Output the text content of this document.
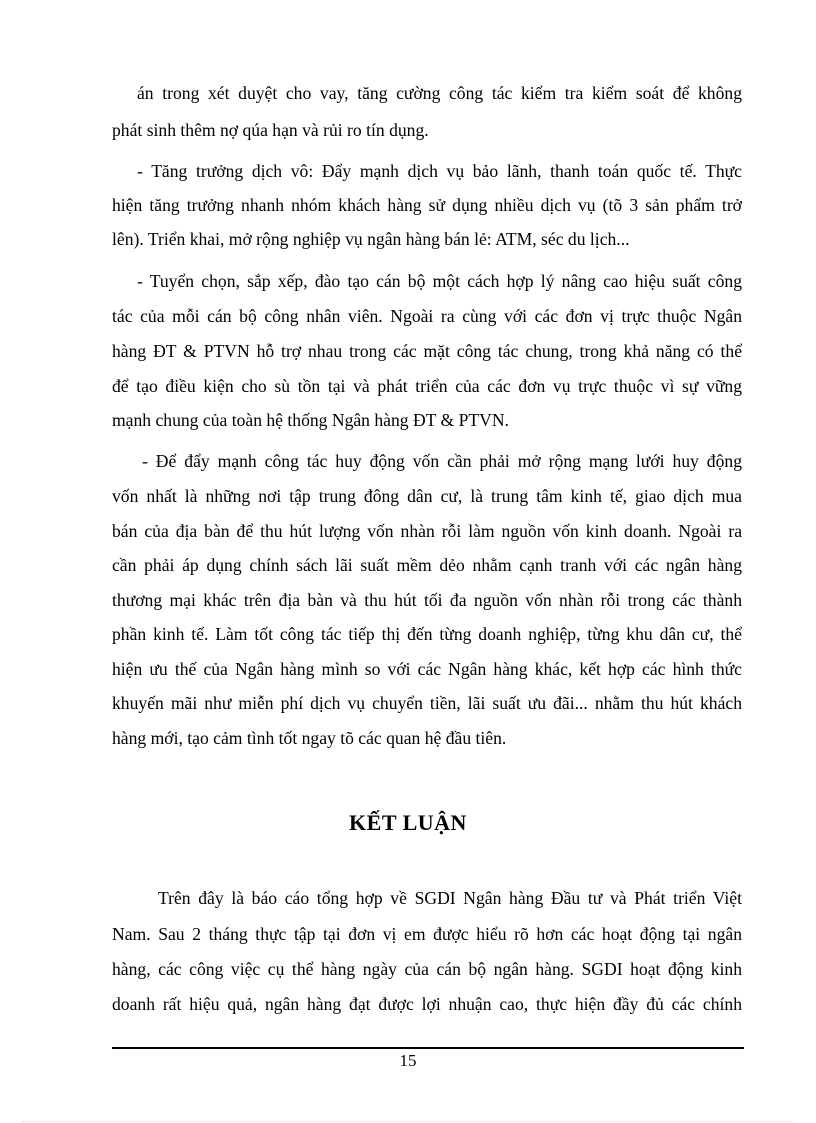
án trong xét duyệt cho vay, tăng cường công tác kiểm tra kiểm soát để không
phát sinh thêm nợ qúa hạn và rủi ro tín dụng.
- Tăng trưởng dịch vô: Đẩy mạnh dịch vụ bảo lãnh, thanh toán quốc tế. Thực
hiện tăng trưởng nhanh nhóm khách hàng sử dụng nhiều dịch vụ (tõ 3 sản phẩm trở
lên). Triển khai, mở rộng nghiệp vụ ngân hàng bán lẻ: ATM, séc du lịch...
- Tuyển chọn, sắp xếp, đào tạo cán bộ một cách hợp lý nâng cao hiệu suất công
tác của mỗi cán bộ công nhân viên. Ngoài ra cùng với các đơn vị trực thuộc Ngân
hàng ĐT & PTVN hỗ trợ nhau trong các mặt công tác chung, trong khả năng có thể
để tạo điều kiện cho sù tồn tại và phát triển của các đơn vụ trực thuộc vì sự vững
mạnh chung của toàn hệ thống Ngân hàng ĐT & PTVN.
- Để đẩy mạnh công tác huy động vốn cần phải mở rộng mạng lưới huy động
vốn nhất là những nơi tập trung đông dân cư, là trung tâm kinh tế, giao dịch mua
bán của địa bàn để thu hút lượng vốn nhàn rỗi làm nguồn vốn kinh doanh. Ngoài ra
cần phải áp dụng chính sách lãi suất mềm dẻo nhằm cạnh tranh với các ngân hàng
thương mại khác trên địa bàn và thu hút tối đa nguồn vốn nhàn rỗi trong các thành
phần kinh tế. Làm tốt công tác tiếp thị đến từng doanh nghiệp, từng khu dân cư, thể
hiện ưu thế của Ngân hàng mình so với các Ngân hàng khác, kết hợp các hình thức
khuyến mãi như miễn phí dịch vụ chuyển tiền, lãi suất ưu đãi... nhằm thu hút khách
hàng mới, tạo cảm tình tốt ngay tõ các quan hệ đầu tiên.
KẾT LUẬN
Trên đây là báo cáo tổng hợp về SGDI Ngân hàng Đầu tư và Phát triển Việt
Nam. Sau 2 tháng thực tập tại đơn vị em được hiểu rõ hơn các hoạt động tại ngân
hàng, các công việc cụ thể hàng ngày của cán bộ ngân hàng. SGDI hoạt động kinh
doanh rất hiệu quả, ngân hàng đạt được lợi nhuận cao, thực hiện đầy đủ các chính
15
